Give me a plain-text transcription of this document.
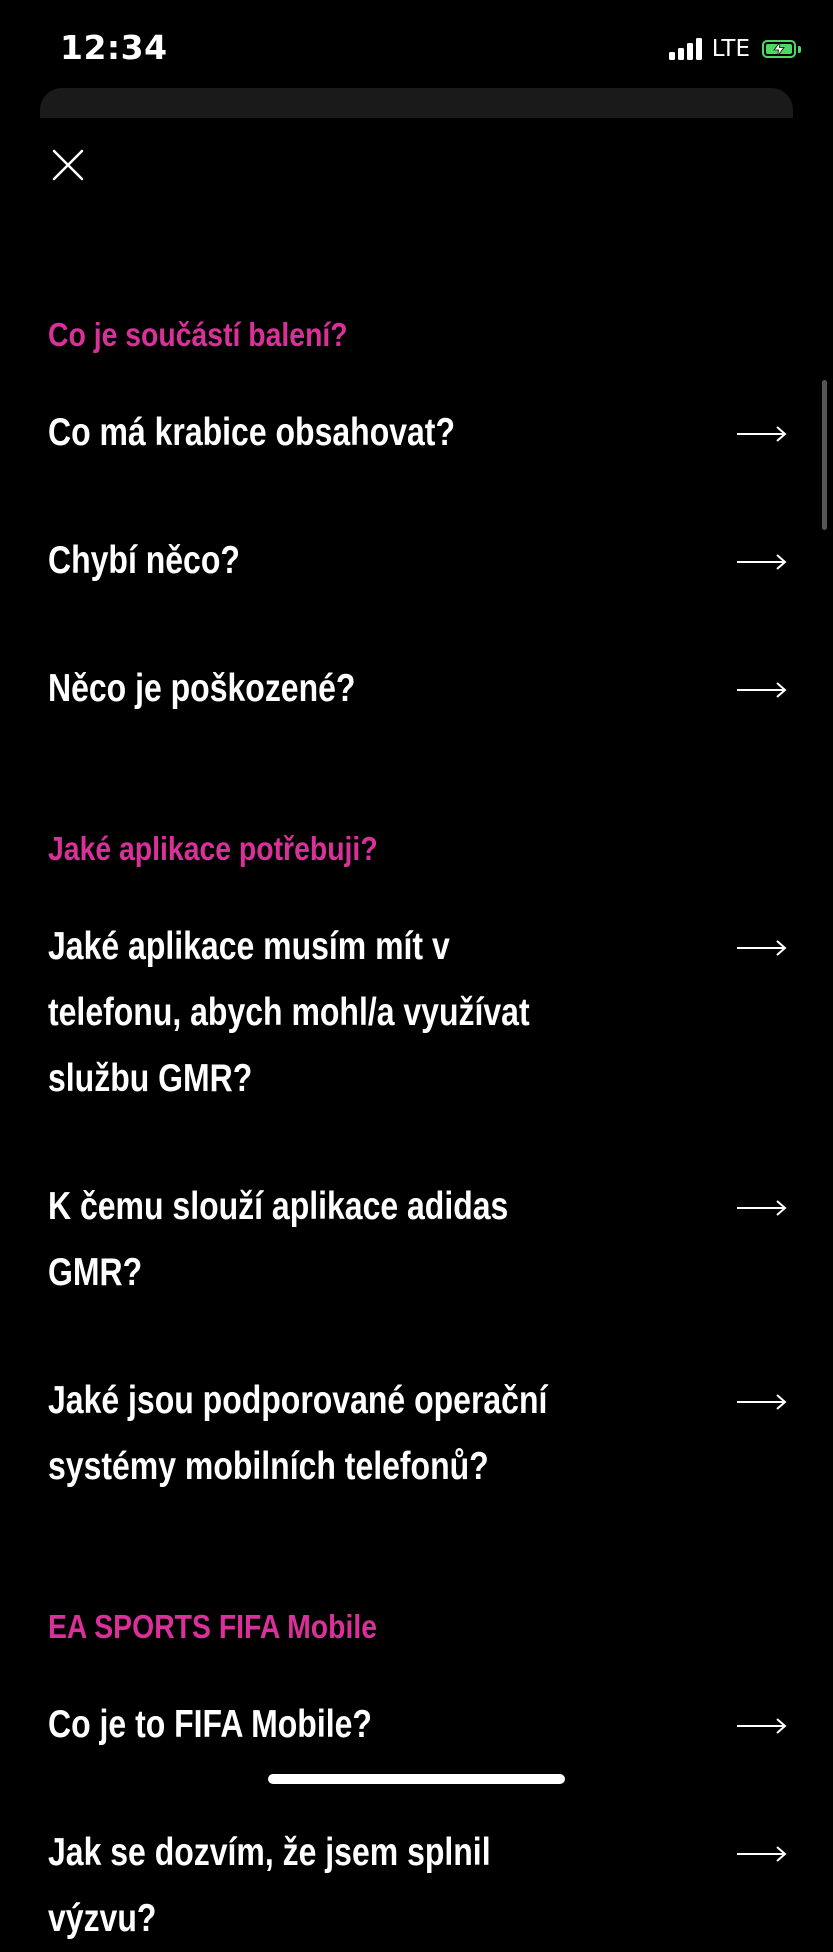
12:34	LTE
Co je součástí balení?
Co má krabice obsahovat?
Chybí něco?
Něco je poškozené?
Jaké aplikace potřebuji?
Jaké aplikace musím mít v telefonu, abych mohl/a využívat službu GMR?
K čemu slouží aplikace adidas GMR?
Jaké jsou podporované operační systémy mobilních telefonů?
EA SPORTS FIFA Mobile
Co je to FIFA Mobile?
Jak se dozvím, že jsem splnil výzvu?
